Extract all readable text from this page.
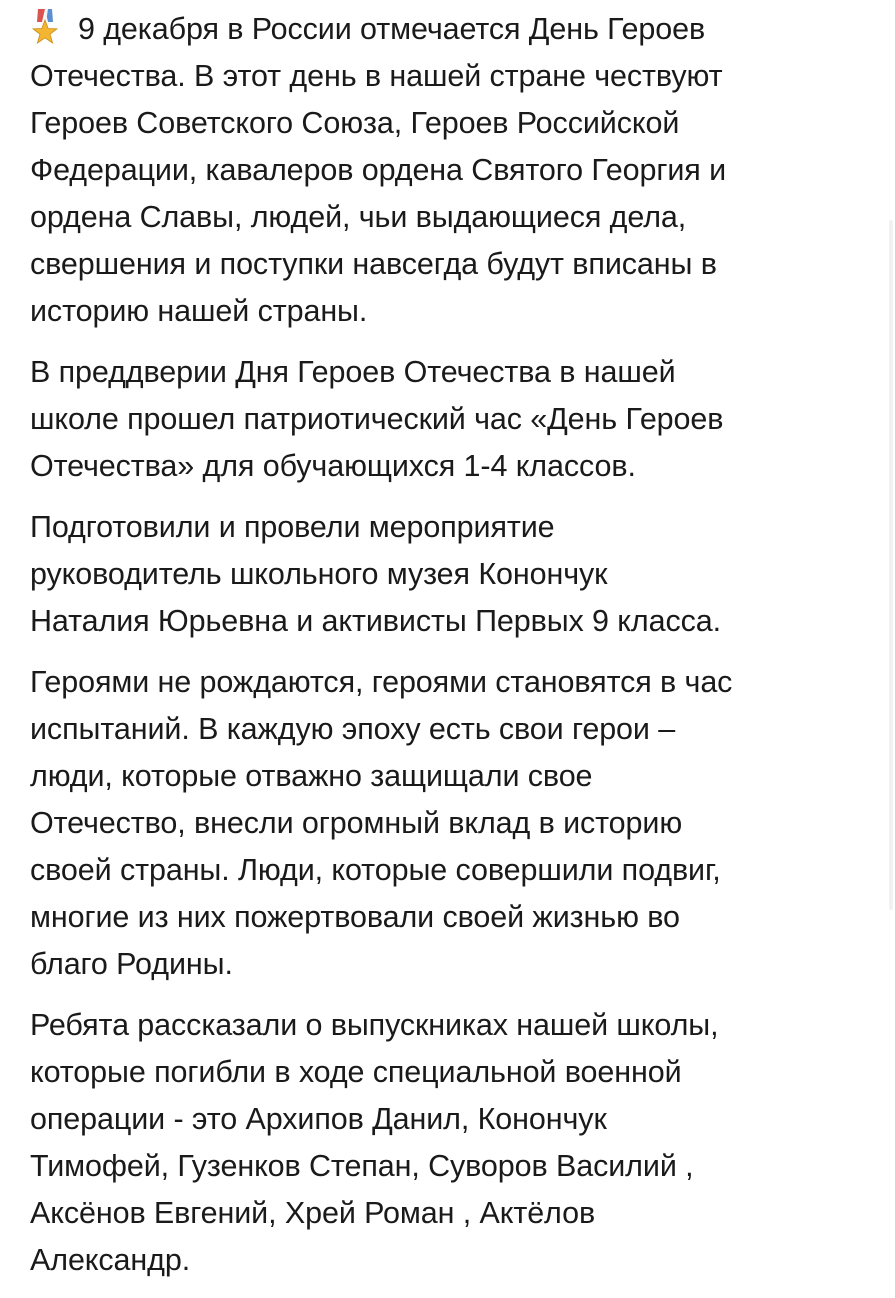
9 декабря в России отмечается День Героев
Отечества. В этот день в нашей стране чествуют
Героев Советского Союза, Героев Российской
Федерации, кавалеров ордена Святого Георгия и
ордена Славы, людей, чьи выдающиеся дела,
свершения и поступки навсегда будут вписаны в
историю нашей страны.

В преддверии Дня Героев Отечества в нашей
школе прошел патриотический час «День Героев
Отечества» для обучающихся 1-4 классов.

Подготовили и провели мероприятие
руководитель школьного музея Конончук
Наталия Юрьевна и активисты Первых 9 класса.

Героями не рождаются, героями становятся в час
испытаний. В каждую эпоху есть свои герои –
люди, которые отважно защищали свое
Отечество, внесли огромный вклад в историю
своей страны. Люди, которые совершили подвиг,
многие из них пожертвовали своей жизнью во
благо Родины.

Ребята рассказали о выпускниках нашей школы,
которые погибли в ходе специальной военной
операции - это Архипов Данил, Конончук
Тимофей, Гузенков Степан, Суворов Василий ,
Аксёнов Евгений, Хрей Роман , Актёлов
Александр.
